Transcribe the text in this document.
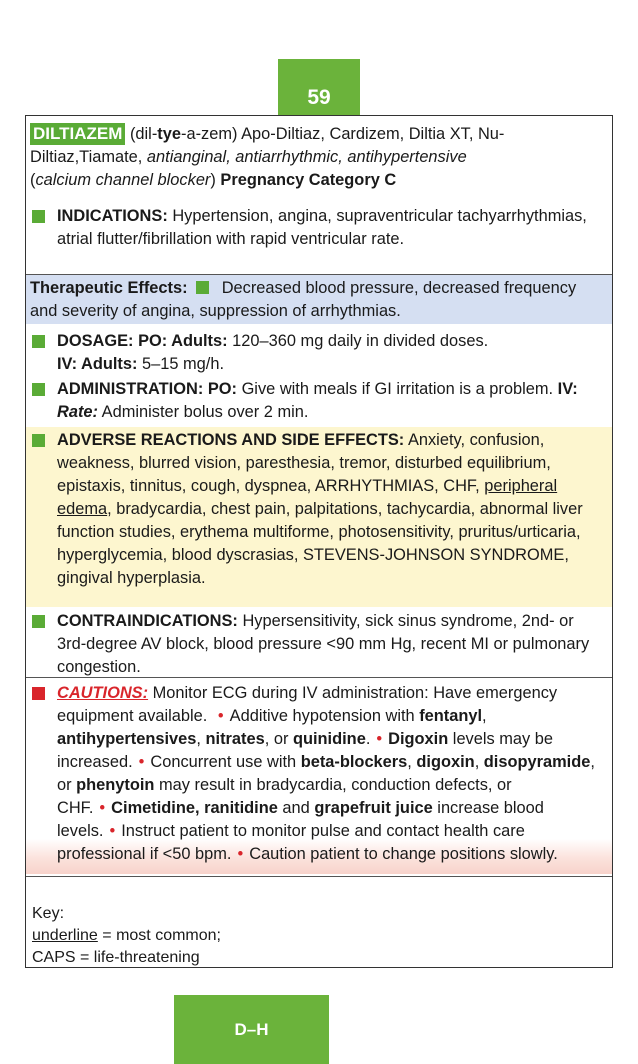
59
DILTIAZEM (dil-tye-a-zem) Apo-Diltiaz, Cardizem, Diltia XT, Nu-Diltiaz,Tiamate, antianginal, antiarrhythmic, antihypertensive
(calcium channel blocker) Pregnancy Category C
INDICATIONS: Hypertension, angina, supraventricular tachyarrhythmias, atrial flutter/fibrillation with rapid ventricular rate.
Therapeutic Effects: Decreased blood pressure, decreased frequency and severity of angina, suppression of arrhythmias.
DOSAGE: PO: Adults: 120–360 mg daily in divided doses.
IV: Adults: 5–15 mg/h.
ADMINISTRATION: PO: Give with meals if GI irritation is a problem. IV: Rate: Administer bolus over 2 min.
ADVERSE REACTIONS AND SIDE EFFECTS: Anxiety, confusion, weakness, blurred vision, paresthesia, tremor, disturbed equilibrium, epistaxis, tinnitus, cough, dyspnea, ARRHYTHMIAS, CHF, peripheral edema, bradycardia, chest pain, palpitations, tachycardia, abnormal liver function studies, erythema multiforme, photosensitivity, pruritus/urticaria, hyperglycemia, blood dyscrasias, STEVENS-JOHNSON SYNDROME, gingival hyperplasia.
CONTRAINDICATIONS: Hypersensitivity, sick sinus syndrome, 2nd- or 3rd-degree AV block, blood pressure <90 mm Hg, recent MI or pulmonary congestion.
CAUTIONS: Monitor ECG during IV administration: Have emergency equipment available. • Additive hypotension with fentanyl, antihypertensives, nitrates, or quinidine. • Digoxin levels may be increased. • Concurrent use with beta-blockers, digoxin, disopyramide, or phenytoin may result in bradycardia, conduction defects, or CHF. • Cimetidine, ranitidine and grapefruit juice increase blood levels. • Instruct patient to monitor pulse and contact health care professional if <50 bpm. • Caution patient to change positions slowly.
Key:
underline = most common;
CAPS = life-threatening
D–H
